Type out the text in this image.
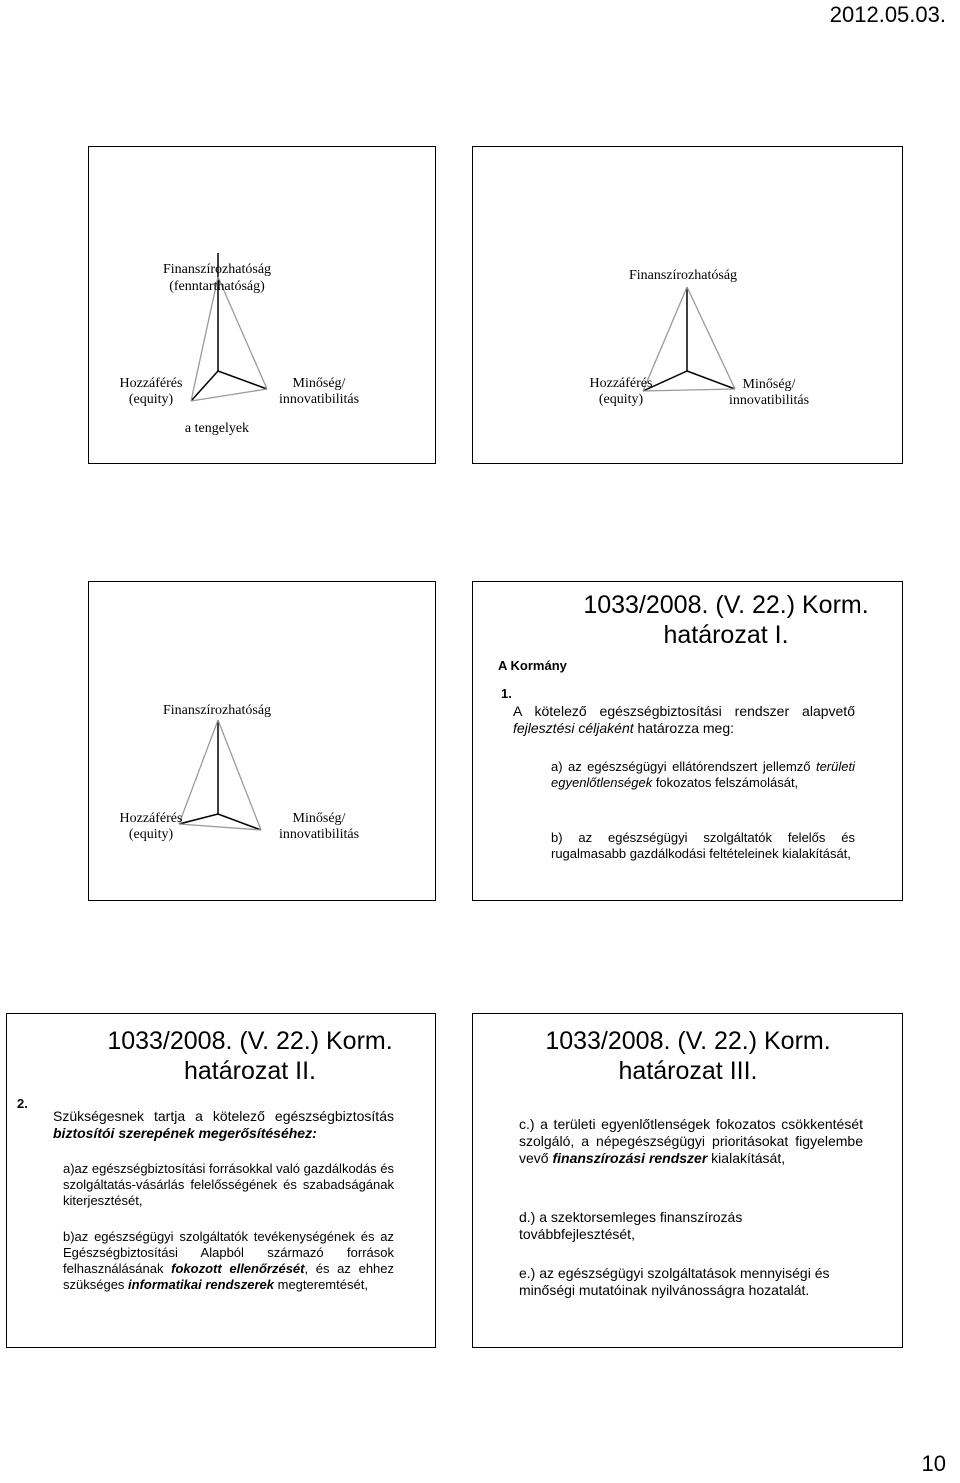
2012.05.03.
Finanszírozhatóság
(fenntarthatóság)
Hozzáférés
(equity)
Minőség/
innovatibilitás
a tengelyek
Finanszírozhatóság
Hozzáférés
(equity)
Minőség/
innovatibilitás
Finanszírozhatóság
Hozzáférés
(equity)
Minőség/
innovatibilitás
1033/2008. (V. 22.) Korm.
határozat I.
A Kormány
1.
A kötelező egészségbiztosítási rendszer alapvető fejlesztési céljaként határozza meg:
a) az egészségügyi ellátórendszert jellemző területi egyenlőtlenségek fokozatos felszámolását,
b) az egészségügyi szolgáltatók felelős és rugalmasabb gazdálkodási feltételeinek kialakítását,
1033/2008. (V. 22.) Korm.
határozat II.
2.
Szükségesnek tartja a kötelező egészségbiztosítás biztosítói szerepének megerősítéséhez:
a)az egészségbiztosítási forrásokkal való gazdálkodás és szolgáltatás-vásárlás felelősségének és szabadságának kiterjesztését,
b)az egészségügyi szolgáltatók tevékenységének és az Egészségbiztosítási Alapból származó források felhasználásának fokozott ellenőrzését, és az ehhez szükséges informatikai rendszerek megteremtését,
1033/2008. (V. 22.) Korm.
határozat III.
c.) a területi egyenlőtlenségek fokozatos csökkentését szolgáló, a népegészségügyi prioritásokat figyelembe vevő finanszírozási rendszer kialakítását,
d.) a szektorsemleges finanszírozás továbbfejlesztését,
e.) az egészségügyi szolgáltatások mennyiségi és minőségi mutatóinak nyilvánosságra hozatalát.
10
